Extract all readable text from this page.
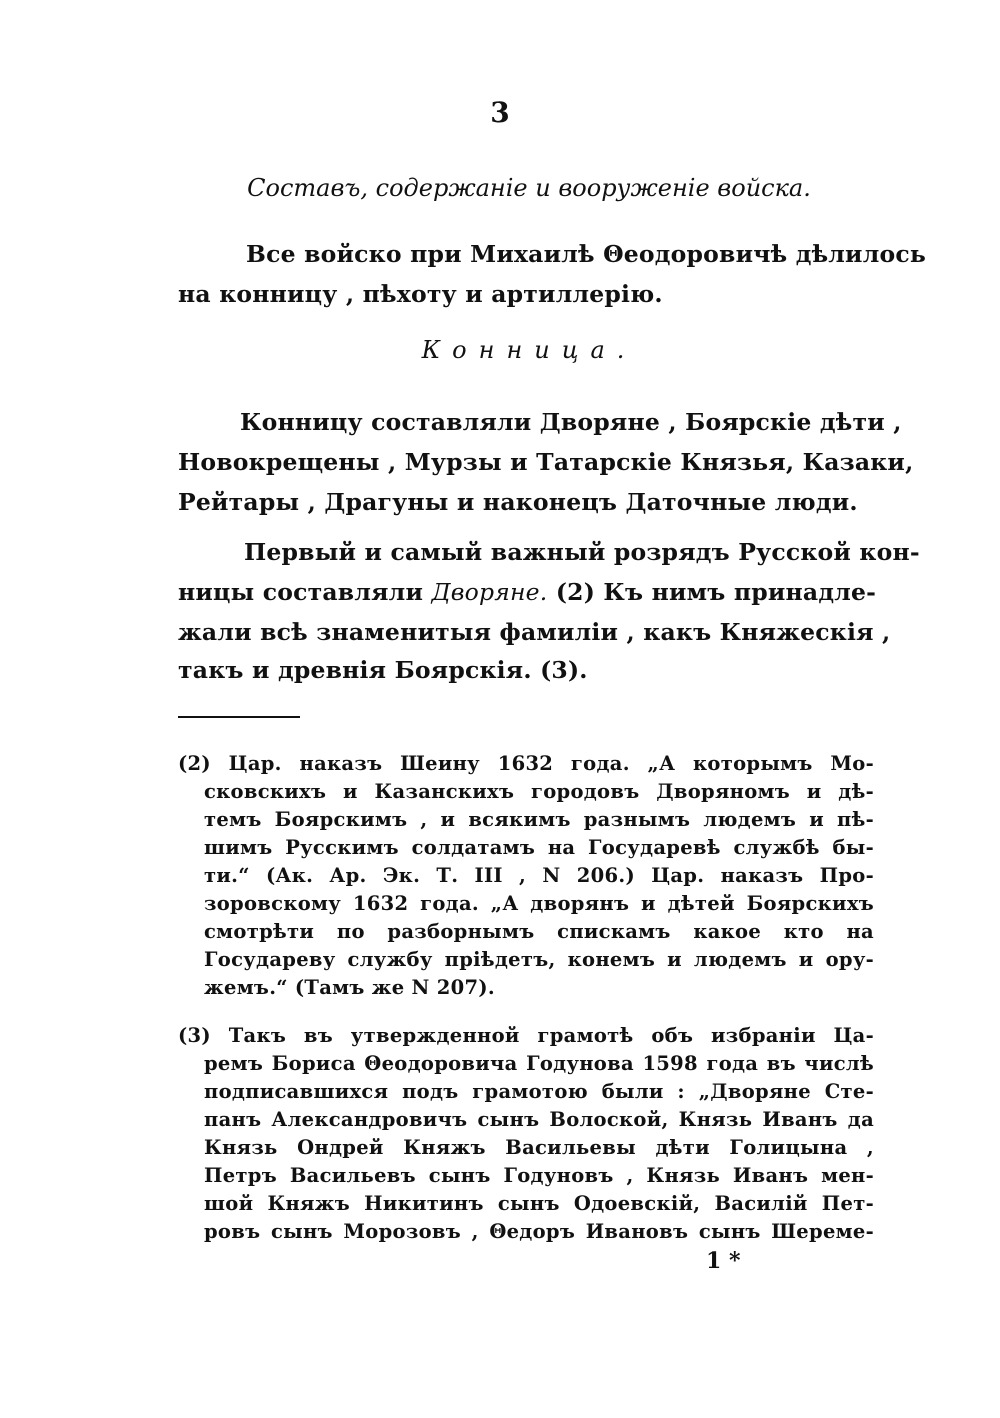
3

Составъ, содержаніе и вооруженіе войска.

Все войско при Михаилѣ Θеодоровичѣ дѣлилось

на конницу , пѣхоту и артиллерію.

Конница.

Конницу составляли Дворяне , Боярскіе дѣти ,

Новокрещены , Мурзы и Татарскіе Князья, Казаки,

Рейтары , Драгуны и наконецъ Даточные люди.

Первый и самый важный розрядъ Русской кон-

ницы составляли Дворяне. (2) Къ нимъ принадле-

жали всѣ знаменитыя фамиліи , какъ Княжескія ,

такъ и древнія Боярскія. (3).

(2) Цар. наказъ Шеину 1632 года. „А которымъ Мо-

сковскихъ и Казанскихъ городовъ Дворяномъ и дѣ-

темъ Боярскимъ , и всякимъ разнымъ людемъ и пѣ-

шимъ Русскимъ солдатамъ на Государевѣ службѣ бы-

ти.“ (Ак. Ар. Эк. Т. III , N 206.) Цар. наказъ Про-

зоровскому 1632 года. „А дворянъ и дѣтей Боярскихъ

смотрѣти по разборнымъ спискамъ какое кто на

Государеву службу пріѣдетъ, конемъ и людемъ и ору-

жемъ.“ (Тамъ же N 207).

(3) Такъ въ утвержденной грамотѣ объ избраніи Ца-

ремъ Бориса Θеодоровича Годунова 1598 года въ числѣ

подписавшихся подъ грамотою были : „Дворяне Сте-

панъ Александровичъ сынъ Волоской, Князь Иванъ да

Князь Ондрей Княжъ Васильевы дѣти Голицына ,

Петръ Васильевъ сынъ Годуновъ , Князь Иванъ мен-

шой Княжъ Никитинъ сынъ Одоевскій, Василій Пет-

ровъ сынъ Морозовъ , Θедоръ Ивановъ сынъ Шереме-

1 *
